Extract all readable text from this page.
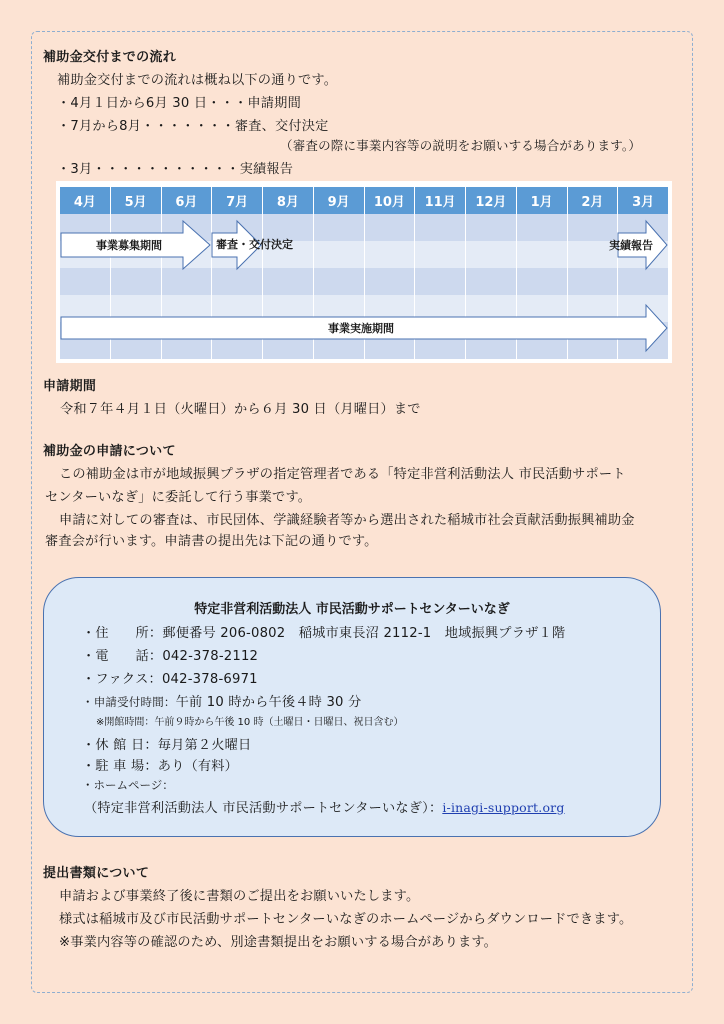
補助金交付までの流れ
補助金交付までの流れは概ね以下の通りです。
・4月１日から6月 30 日・・・申請期間
・7月から8月・・・・・・・審査、交付決定
（審査の際に事業内容等の説明をお願いする場合があります。）
・3月・・・・・・・・・・・実績報告
4月	5月	6月	7月	8月	9月	10月	11月	12月	1月	2月	3月
事業募集期間	審査・交付決定	実績報告
事業実施期間
申請期間
令和７年４月１日（火曜日）から６月 30 日（月曜日）まで
補助金の申請について
この補助金は市が地域振興プラザの指定管理者である「特定非営利活動法人 市民活動サポート
センターいなぎ」に委託して行う事業です。
申請に対しての審査は、市民団体、学識経験者等から選出された稲城市社会貢献活動振興補助金
審査会が行います。申請書の提出先は下記の通りです。
特定非営利活動法人 市民活動サポートセンターいなぎ
・住　　所：郵便番号 206-0802　稲城市東長沼 2112-1　地域振興プラザ１階
・電　　話：042-378-2112
・ファクス：042-378-6971
・申請受付時間：午前 10 時から午後４時 30 分
※開館時間：午前９時から午後 10 時（土曜日・日曜日、祝日含む）
・休 館 日：毎月第２火曜日
・駐 車 場：あり（有料）
・ホームページ：
（特定非営利活動法人 市民活動サポートセンターいなぎ）：i-inagi-support.org
提出書類について
申請および事業終了後に書類のご提出をお願いいたします。
様式は稲城市及び市民活動サポートセンターいなぎのホームページからダウンロードできます。
※事業内容等の確認のため、別途書類提出をお願いする場合があります。
